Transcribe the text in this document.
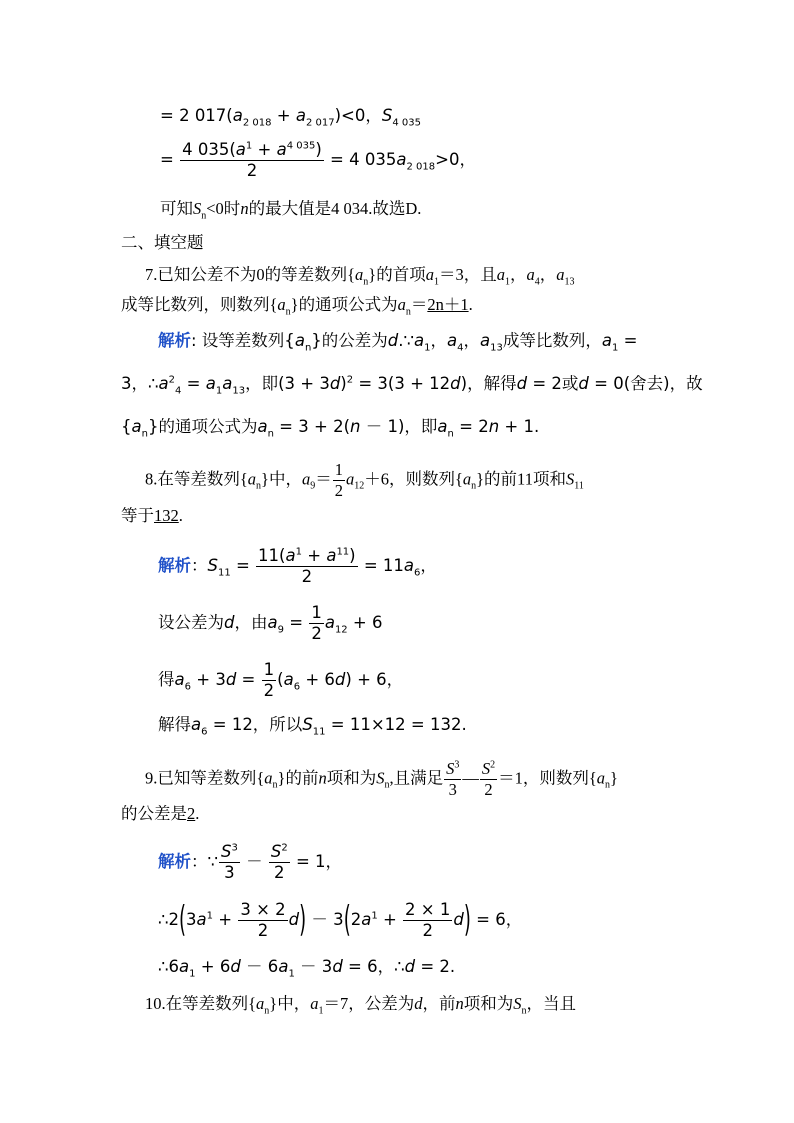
= 2 $017(a_{2 018} + a_{2 017})<0$，$S_{4 035}$
= $\frac{4 035(a^1 + a^{4 035})}{2} = 4$ $035a_{2 018}>0$，
可知$S_n<0$时n的最大值是4 034.故选D.
二、填空题
7.已知公差不为0的等差数列$\{a_n\}$的首项$a_1=3$，且$a_1$，$a_4$，$a_{13}$
成等比数列，则数列$\{a_n\}$的通项公式为$a_n=2n+1$.
解析: 设等差数列$\{a_n\}$的公差为$d.\because a_1$，$a_4$，$a_{13}$成等比数列，$a_1$ =
3，$\therefore a^2_4 = a_1a_{13}$，即$(3 + 3d)^2 = 3(3 + 12d)$，解得d = 2或d = 0(舍去)，故
$\{a_n\}$的通项公式为$a_n = 3 + 2(n - 1)$，即$a_n = 2n + 1$.
8.在等差数列$\{a_n\}$中，$a_9= \frac{1}{2} a_{12}+6$，则数列$\{a_n\}$的前11项和$S_{11}$
等于132.
解析：$S_{11} = \frac{11(a^1 + a^{11})}{2} = 11a_6$，
设公差为d，由$a_9 = \frac{1}{2} a_{12} + 6$
得$a_6 + 3d = \frac{1}{2} (a_6 + 6d) + 6$，
解得$a_6 = 12$，所以$S_{11} = 11\times 12 = 132$.
9.已知等差数列$\{a_n\}$的前n项和为$S_n$,且满足 $\frac{S^3}{3}$ — $\frac{S^2}{2} =1$，则数列$\{a_n\}$
的公差是2.
解析：∵ $\frac{S^3}{3} - \frac{S^2}{2} = 1$，
$\therefore 2(3a^1 + \frac{3 \times 2}{2} d) - 3(2a^1 + \frac{2 \times 1}{2} d) = 6$，
$\therefore 6a_1 + 6d - 6a_1 - 3d = 6$，∴d = 2.
10.在等差数列$\{a_n\}$中，$a_1=7$，公差为d，前n项和为$S_n$，当且
